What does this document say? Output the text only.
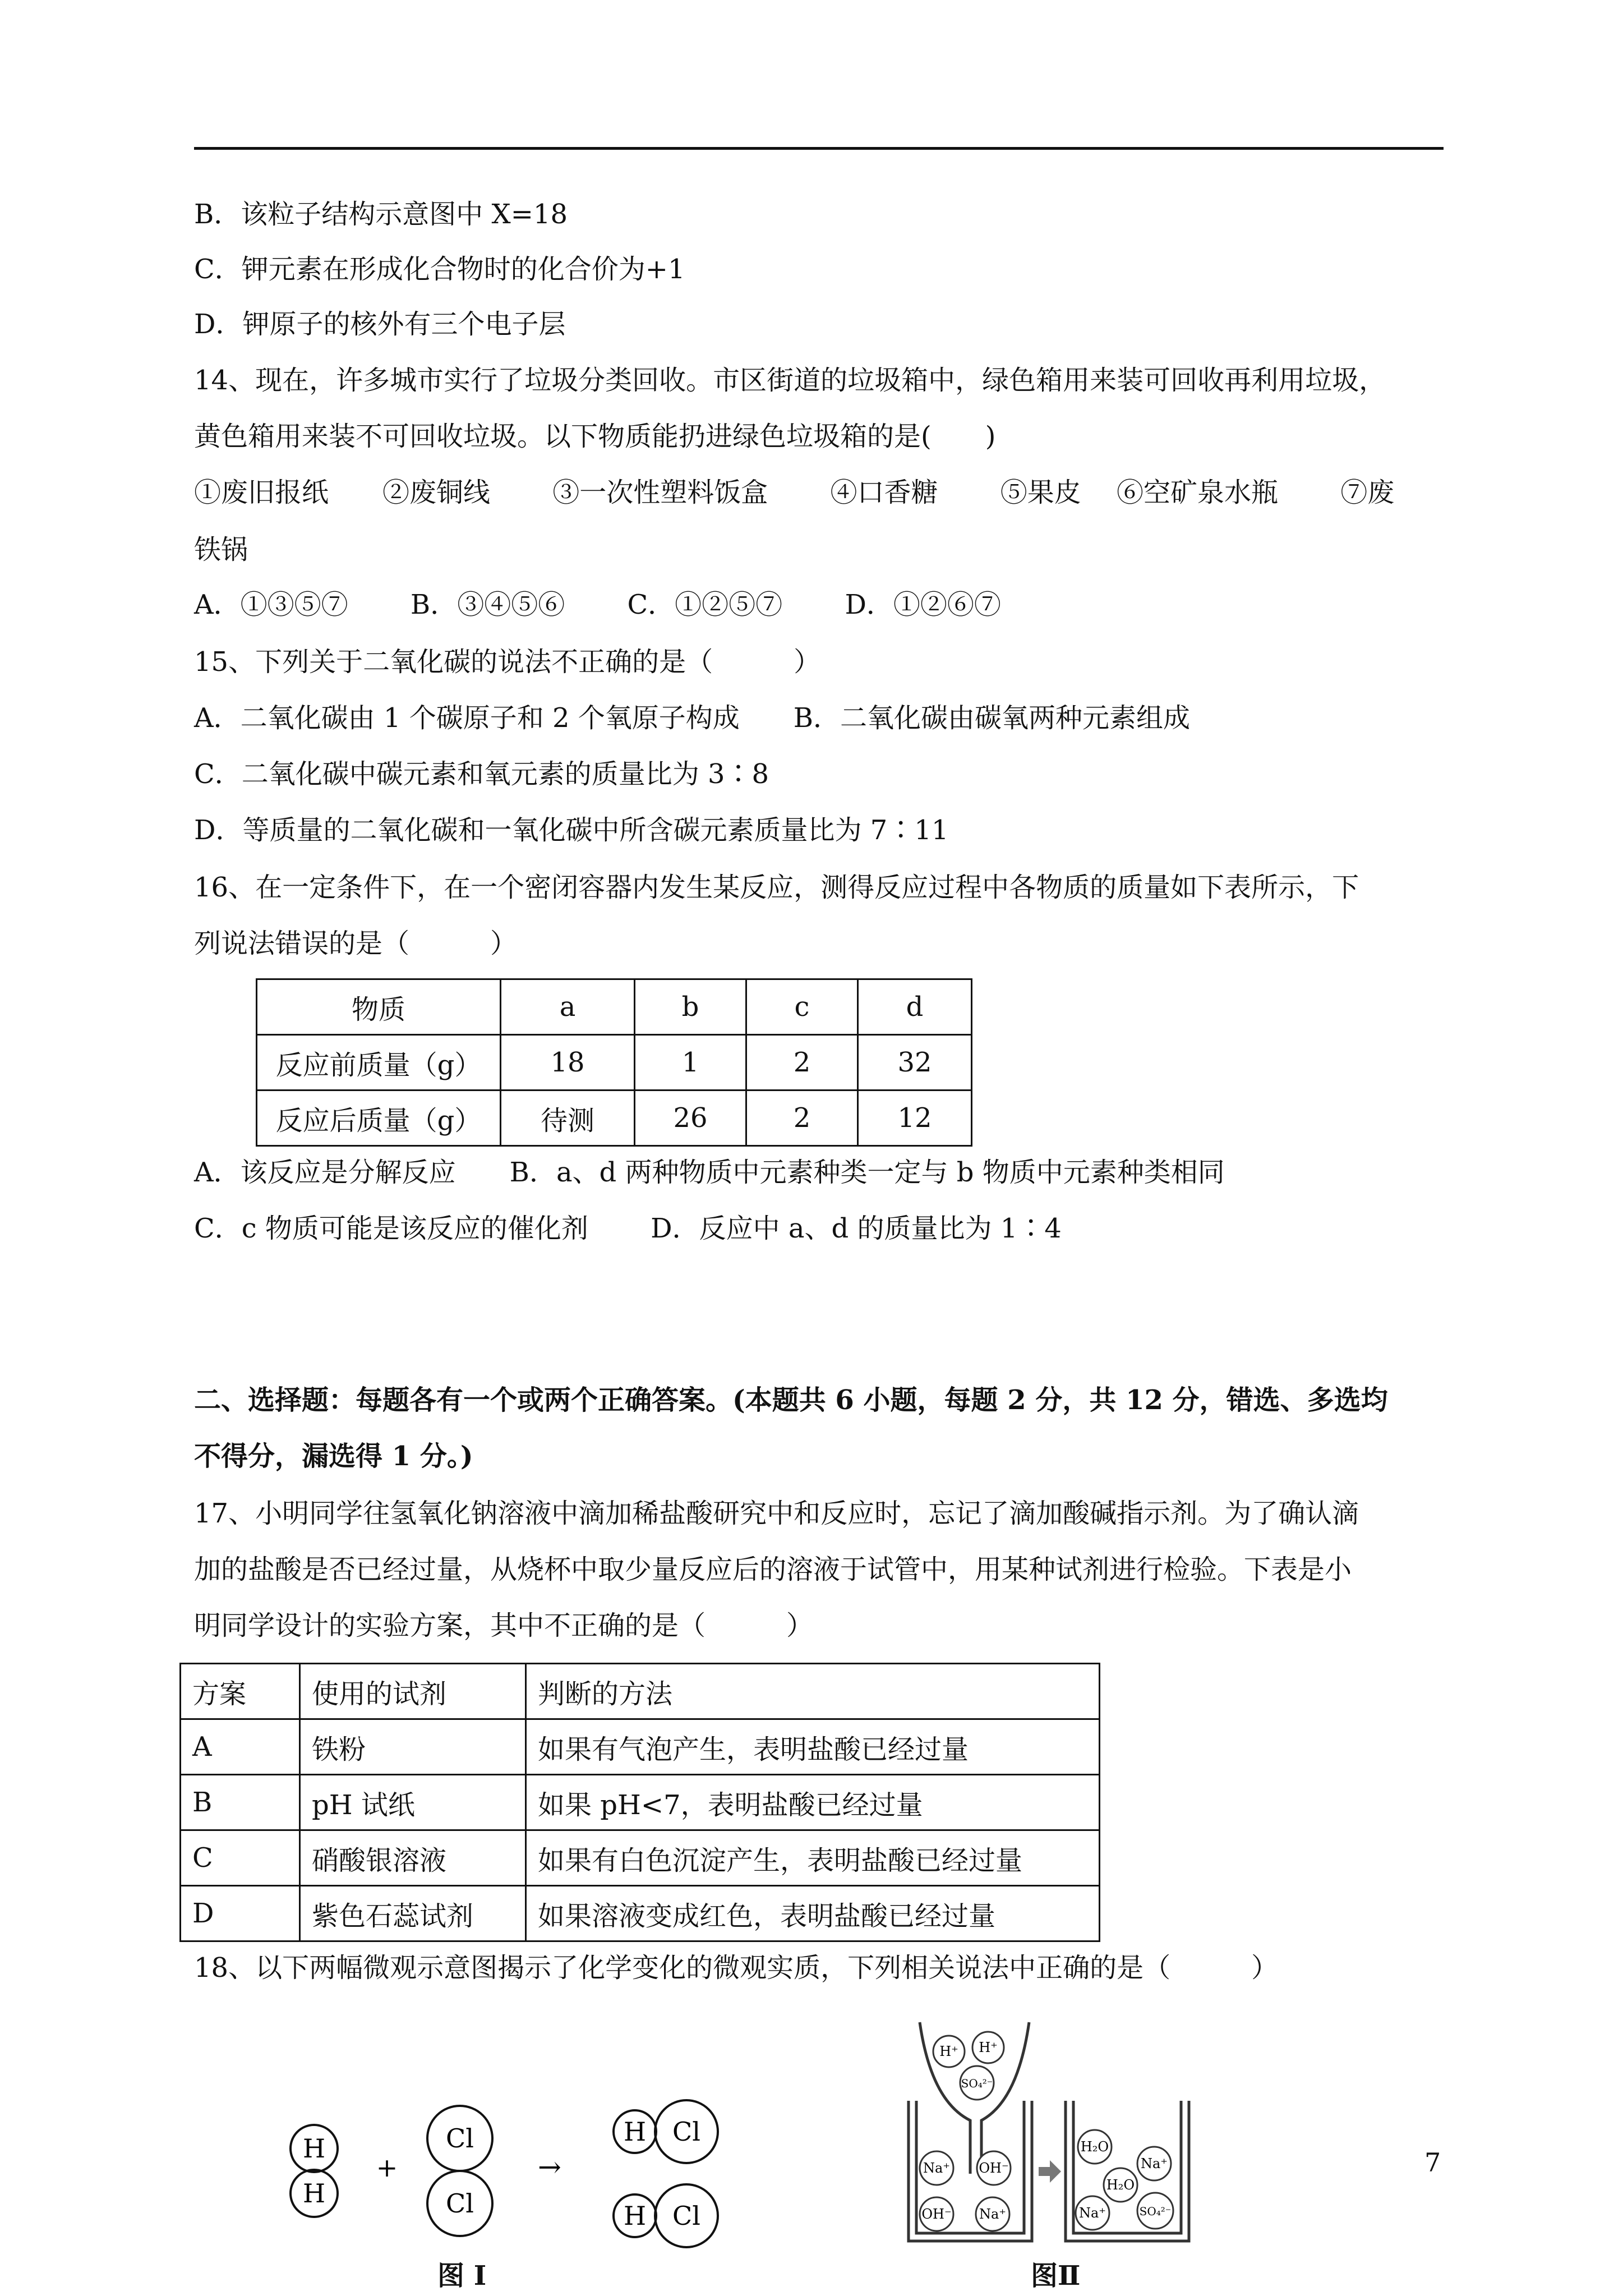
B．该粒子结构示意图中 X=18
C．钾元素在形成化合物时的化合价为+1
D．钾原子的核外有三个电子层
14、现在，许多城市实行了垃圾分类回收。市区街道的垃圾箱中，绿色箱用来装可回收再利用垃圾，
黄色箱用来装不可回收垃圾。以下物质能扔进绿色垃圾箱的是(　　)
①废旧报纸　　②废铜线　　 ③一次性塑料饭盒　　 ④口香糖　　 ⑤果皮　 ⑥空矿泉水瓶　　 ⑦废
铁锅
A．①③⑤⑦　　 B．③④⑤⑥　　 C．①②⑤⑦　　 D．①②⑥⑦
15、下列关于二氧化碳的说法不正确的是（　　　）
A．二氧化碳由 1 个碳原子和 2 个氧原子构成　　B．二氧化碳由碳氧两种元素组成
C．二氧化碳中碳元素和氧元素的质量比为 3∶8
D．等质量的二氧化碳和一氧化碳中所含碳元素质量比为 7∶11
16、在一定条件下，在一个密闭容器内发生某反应，测得反应过程中各物质的质量如下表所示，下
列说法错误的是（　　　）
物质	a	b	c	d
反应前质量（g）	18	1	2	32
反应后质量（g）	待测	26	2	12
A．该反应是分解反应　　B．a、d 两种物质中元素种类一定与 b 物质中元素种类相同
C．c 物质可能是该反应的催化剂　　 D．反应中 a、d 的质量比为 1∶4
二、选择题：每题各有一个或两个正确答案。(本题共 6 小题，每题 2 分，共 12 分，错选、多选均
不得分，漏选得 1 分。)
17、小明同学往氢氧化钠溶液中滴加稀盐酸研究中和反应时，忘记了滴加酸碱指示剂。为了确认滴
加的盐酸是否已经过量，从烧杯中取少量反应后的溶液于试管中，用某种试剂进行检验。下表是小
明同学设计的实验方案，其中不正确的是（　　　）
方案	使用的试剂	判断的方法
A	铁粉	如果有气泡产生，表明盐酸已经过量
B	pH 试纸	如果 pH<7，表明盐酸已经过量
C	硝酸银溶液	如果有白色沉淀产生，表明盐酸已经过量
D	紫色石蕊试剂	如果溶液变成红色，表明盐酸已经过量
18、以下两幅微观示意图揭示了化学变化的微观实质，下列相关说法中正确的是（　　　）
H
H
+
Cl
Cl
→
H Cl
H Cl
图 I
H⁺ H⁺
SO₄²⁻
Na⁺ OH⁻
OH⁻ Na⁺
H₂O
Na⁺
H₂O
Na⁺	SO₄²⁻
图Ⅱ
7
